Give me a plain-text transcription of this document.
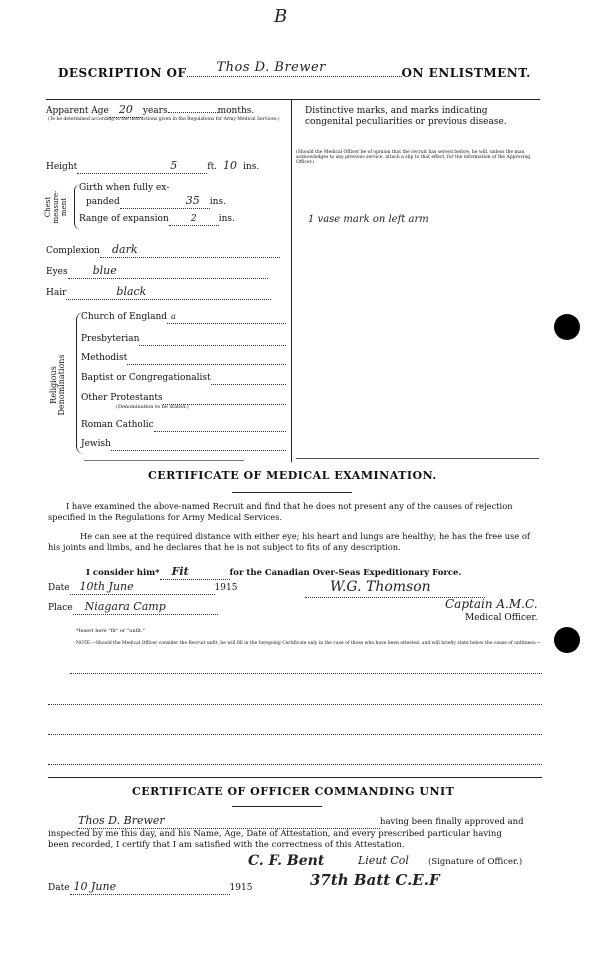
B
DESCRIPTION OF Thos D. Brewer	ON ENLISTMENT.
Apparent Age 20 years	months.
(To be determined according to the instructions given in the Regulations for Army Medical Services.)
Height	5	ft. 10 ins.
Chest measure-ment
Girth when fully ex-
panded	35 ins.
Range of expansion 2 ins.
Complexion dark
Eyes blue
Hair	black
Religious Denominations
Church of England a
Presbyterian
Methodist
Baptist or Congregationalist
Other Protestants
Roman Catholic
Jewish
(Denomination to be stated.)
Distinctive marks, and marks indicating congenital peculiarities or previous disease.
(Should the Medical Officer be of opinion that the recruit has served before, he will, unless the man acknowledges to any previous service, attach a slip to that effect, for the information of the Approving Officer.)
1 vase mark on left arm
CERTIFICATE OF MEDICAL EXAMINATION.
I have examined the above-named Recruit and find that he does not present any of the causes of rejection specified in the Regulations for Army Medical Services.
He can see at the required distance with either eye; his heart and lungs are healthy; he has the free use of his joints and limbs, and he declares that he is not subject to fits of any description.
I consider him* Fit	for the Canadian Over-Seas Expeditionary Force.
Date 10th June	1915	W.G. Thomson
Captain A.M.C.
Place Niagara Camp
Medical Officer.
*Insert here "fit" or "unfit."
NOTE.—Should the Medical Officer consider the Recruit unfit, he will fill in the foregoing Certificate only in the case of those who have been attested, and will briefly state below the cause of unfitness:—
CERTIFICATE OF OFFICER COMMANDING UNIT
Thos D. Brewer	having been finally approved and
inspected by me this day, and his Name, Age, Date of Attestation, and every prescribed particular having
been recorded, I certify that I am satisfied with the correctness of this Attestation.
C. F. Bent	Lieut Col (Signature of Officer.)
Date 10 June	1915	37th Batt C.E.F
